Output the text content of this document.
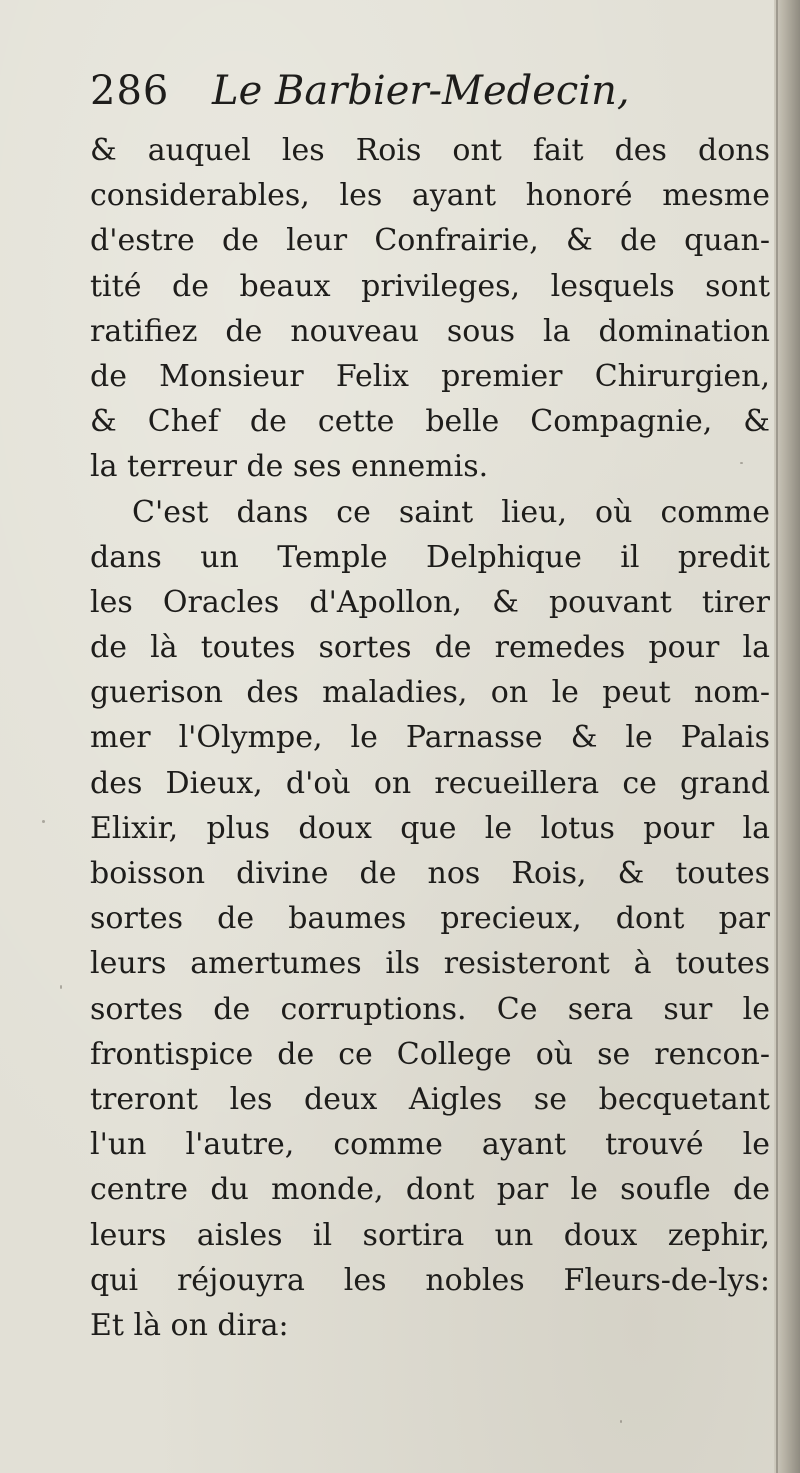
286 Le Barbier-Medecin,
& auquel les Rois ont fait des dons
considerables, les ayant honoré mesme
d'estre de leur Confrairie, & de quan-
tité de beaux privileges, lesquels sont
ratifiez de nouveau sous la domination
de Monsieur Felix premier Chirurgien,
& Chef de cette belle Compagnie, &
la terreur de ses ennemis.
C'est dans ce saint lieu, où comme
dans un Temple Delphique il predit
les Oracles d'Apollon, & pouvant tirer
de là toutes sortes de remedes pour la
guerison des maladies, on le peut nom-
mer l'Olympe, le Parnasse & le Palais
des Dieux, d'où on recueillera ce grand
Elixir, plus doux que le lotus pour la
boisson divine de nos Rois, & toutes
sortes de baumes precieux, dont par
leurs amertumes ils resisteront à toutes
sortes de corruptions. Ce sera sur le
frontispice de ce College où se rencon-
treront les deux Aigles se becquetant
l'un l'autre, comme ayant trouvé le
centre du monde, dont par le soufle de
leurs aisles il sortira un doux zephir,
qui réjouyra les nobles Fleurs-de-lys:
Et là on dira:
